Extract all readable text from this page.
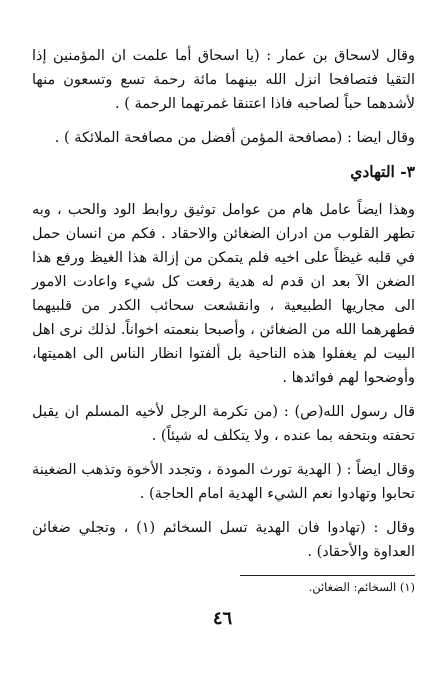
وقال لاسحاق بن عمار : (يا اسحاق أما علمت ان المؤمنين إذا التقيا فتصافحا انزل الله بينهما مائة رحمة تسع وتسعون منها لأشدهما حباً لصاحبه فاذا اعتنقا غمرتهما الرحمة ) .

وقال ايضا : (مصافحة المؤمن أفضل من مصافحة الملائكة ) .

٣- التهادي

وهذا ايضاً عامل هام من عوامل توثيق روابط الود والحب ، وبه تطهر القلوب من ادران الضغائن والاحقاد . فكم من انسان حمل في قلبه غيظاً على اخيه فلم يتمكن من إزالة هذا الغيظ ورفع هذا الضغن الآ بعد ان قدم له هدية رفعت كل شيء واعادت الامور الى مجاريها الطبيعية ، وانقشعت سحائب الكدر من قلبيهما فطهرهما الله من الضغائن ، وأصبحا بنعمته اخواناً. لذلك نرى اهل البيت لم يغفلوا هذه الناحية بل ألفتوا انظار الناس الى اهميتها، وأوضحوا لهم فوائدها .

قال رسول الله(ص) : (من تكرمة الرجل لأخيه المسلم ان يقبل تحفته وبتحفه بما عنده ، ولا يتكلف له شيئاً) .

وقال ايضاً : ( الهدية تورث المودة ، وتجدد الأخوة وتذهب الضغينة تحابوا وتهادوا نعم الشيء الهدية امام الحاجة) .

وقال : (تهادوا فان الهدية تسل السخائم (١) ، وتجلي ضغائن العداوة والأحقاد) .

(١) السخائم: الضغائن.
٤٦
